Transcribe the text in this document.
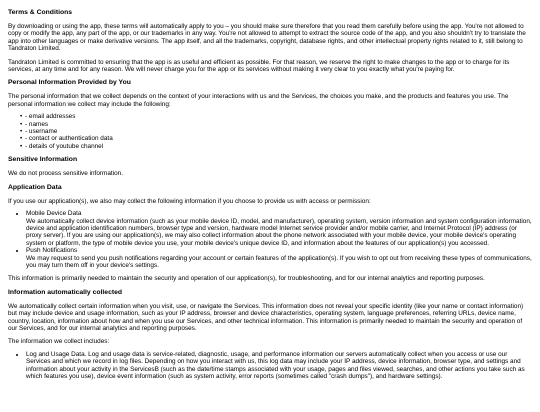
Terms & Conditions

By downloading or using the app, these terms will automatically apply to you – you should make sure therefore that you read them carefully before using the app. You're not allowed to copy or modify the app, any part of the app, or our trademarks in any way. You're not allowed to attempt to extract the source code of the app, and you also shouldn't try to translate the app into other languages or make derivative versions. The app itself, and all the trademarks, copyright, database rights, and other intellectual property rights related to it, still belong to Tandraton Limited.

Tandraton Limited is committed to ensuring that the app is as useful and efficient as possible. For that reason, we reserve the right to make changes to the app or to charge for its services, at any time and for any reason. We will never charge you for the app or its services without making it very clear to you exactly what you're paying for.

Personal Information Provided by You

The personal information that we collect depends on the context of your interactions with us and the Services, the choices you make, and the products and features you use. The personal information we collect may include the following:

• - email addresses
• - names
• - username
• - contact or authentication data
• - details of youtube channel
Sensitive Information

We do not process sensitive information.

Application Data

If you use our application(s), we also may collect the following information if you choose to provide us with access or permission:

• Mobile Device Data
We automatically collect device information (such as your mobile device ID, model, and manufacturer), operating system, version information and system configuration information, device and application identification numbers, browser type and version, hardware model Internet service provider and/or mobile carrier, and Internet Protocol (IP) address (or proxy server). If you are using our application(s), we may also collect information about the phone network associated with your mobile device, your mobile device's operating system or platform, the type of mobile device you use, your mobile device's unique device ID, and information about the features of our application(s) you accessed.
• Push Notifications
We may request to send you push notifications regarding your account or certain features of the application(s). If you wish to opt out from receiving these types of communications, you may turn them off in your device's settings.

This information is primarily needed to maintain the security and operation of our application(s), for troubleshooting, and for our internal analytics and reporting purposes.

Information automatically collected

We automatically collect certain information when you visit, use, or navigate the Services. This information does not reveal your specific identity (like your name or contact information) but may include device and usage information, such as your IP address, browser and device characteristics, operating system, language preferences, referring URLs, device name, country, location, information about how and when you use our Services, and other technical information. This information is primarily needed to maintain the security and operation of our Services, and for our internal analytics and reporting purposes.

The information we collect includes:

• Log and Usage Data. Log and usage data is service-related, diagnostic, usage, and performance information our servers automatically collect when you access or use our Services and which we record in log files. Depending on how you interact with us, this log data may include your IP address, device information, browser type, and settings and information about your activity in the ServicesB (such as the date/time stamps associated with your usage, pages and files viewed, searches, and other actions you take such as which features you use), device event information (such as system activity, error reports (sometimes called "crash dumps"), and hardware settings).
